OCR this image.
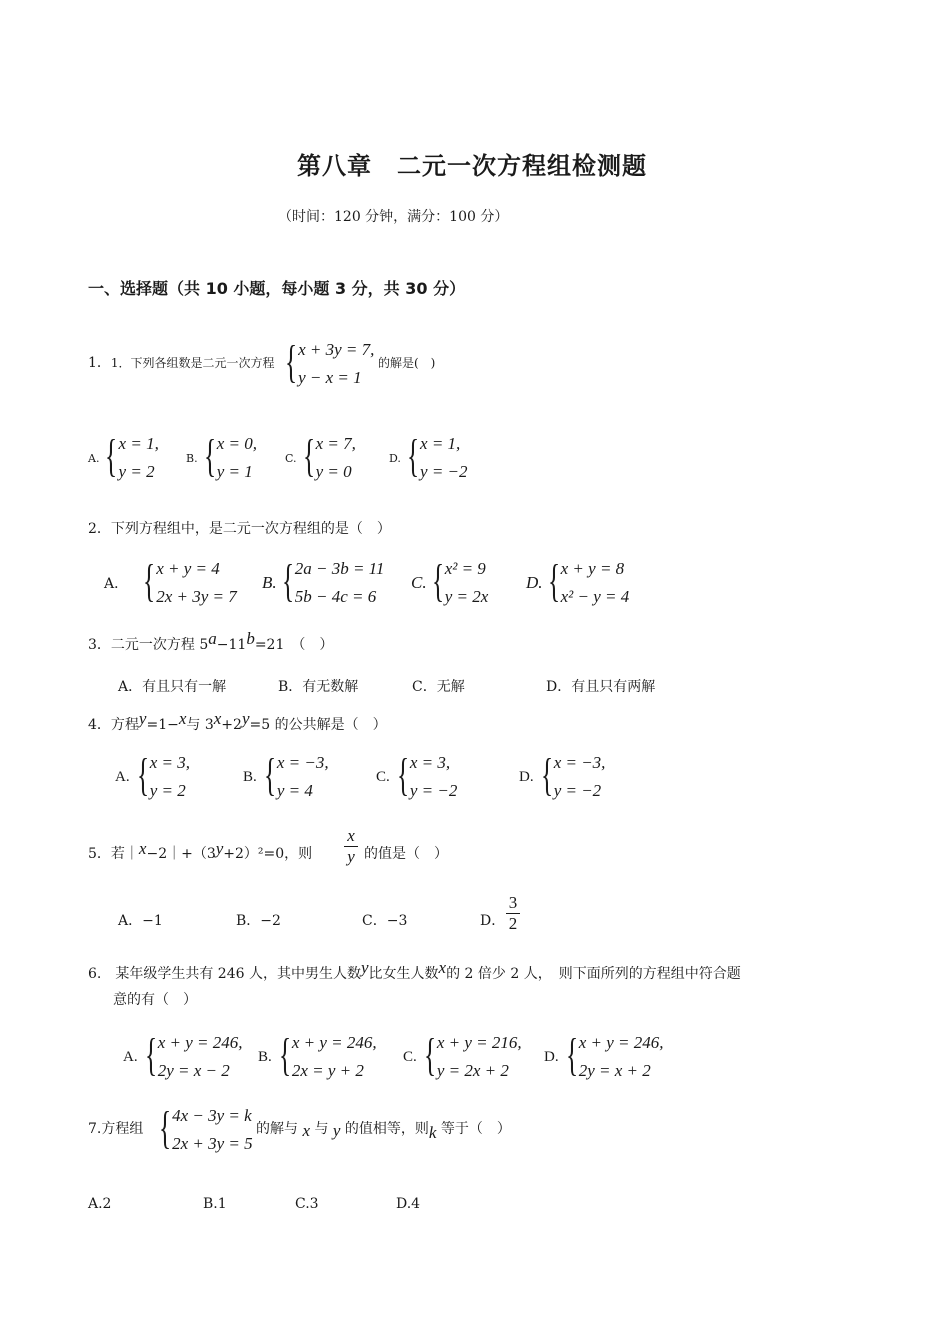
第八章　二元一次方程组检测题
（时间：120 分钟，满分：100 分）
一、选择题（共 10 小题，每小题 3 分，共 30 分）
1．1．下列各组数是二元一次方程 { x + 3y = 7,
y − x = 1
的解是(　)
A. { x = 1,
y = 2
B. { x = 0,
y = 1
C. { x = 7,
y = 0
D. { x = 1,
y = −2
2．下列方程组中，是二元一次方程组的是（　）
A． { x + y = 4
2x + 3y = 7
B. { 2a − 3b = 11
5b − 4c = 6
C. { x² = 9
y = 2x
D. { x + y = 8
x² − y = 4
3．二元一次方程 5a−11b=21　（　）
A．有且只有一解	B．有无数解	C．无解	D．有且只有两解
4．方程y=1−x与 3x+2y=5 的公共解是（　）
A. { x = 3,
y = 2
B. { x = −3,
y = 4
C. { x = 3,
y = −2
D. { x = −3,
y = −2
5．若｜x−2｜+（3y+2）²=0，则
x
y 的值是（　）
A．−1	B．−2	C．−3	D．
3
2
6.　某年级学生共有 246 人，其中男生人数y比女生人数x的 2 倍少 2 人，　则下面所列的方程组中符合题
意的有（　）
A. { x + y = 246,
2y = x − 2
B. { x + y = 246,
2x = y + 2
C. { x + y = 216,
y = 2x + 2
D. { x + y = 246,
2y = x + 2
7.方程组 { 4x − 3y = k
2x + 3y = 5
的解与 x 与 y 的值相等，则k 等于（　）
A.2	B.1	C.3	D.4
